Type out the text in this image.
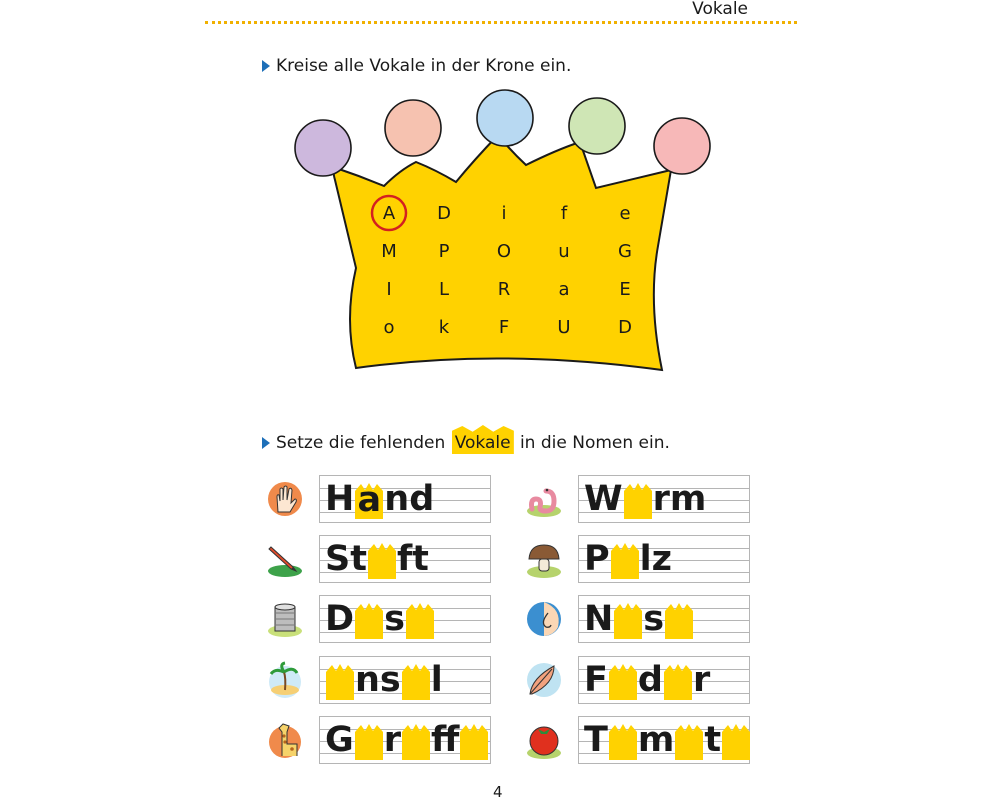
Vokale
Kreise alle Vokale in der Krone ein.
A	D	i	f	e
M	P	O	u	G
I	L	R	a	E
o	k	F	U	D
Setze die fehlenden Vokale in die Nomen ein.
H a nd	W rm
St ft	P lz
D s	N s
ns l	F d r
G r ff	T m t
4
